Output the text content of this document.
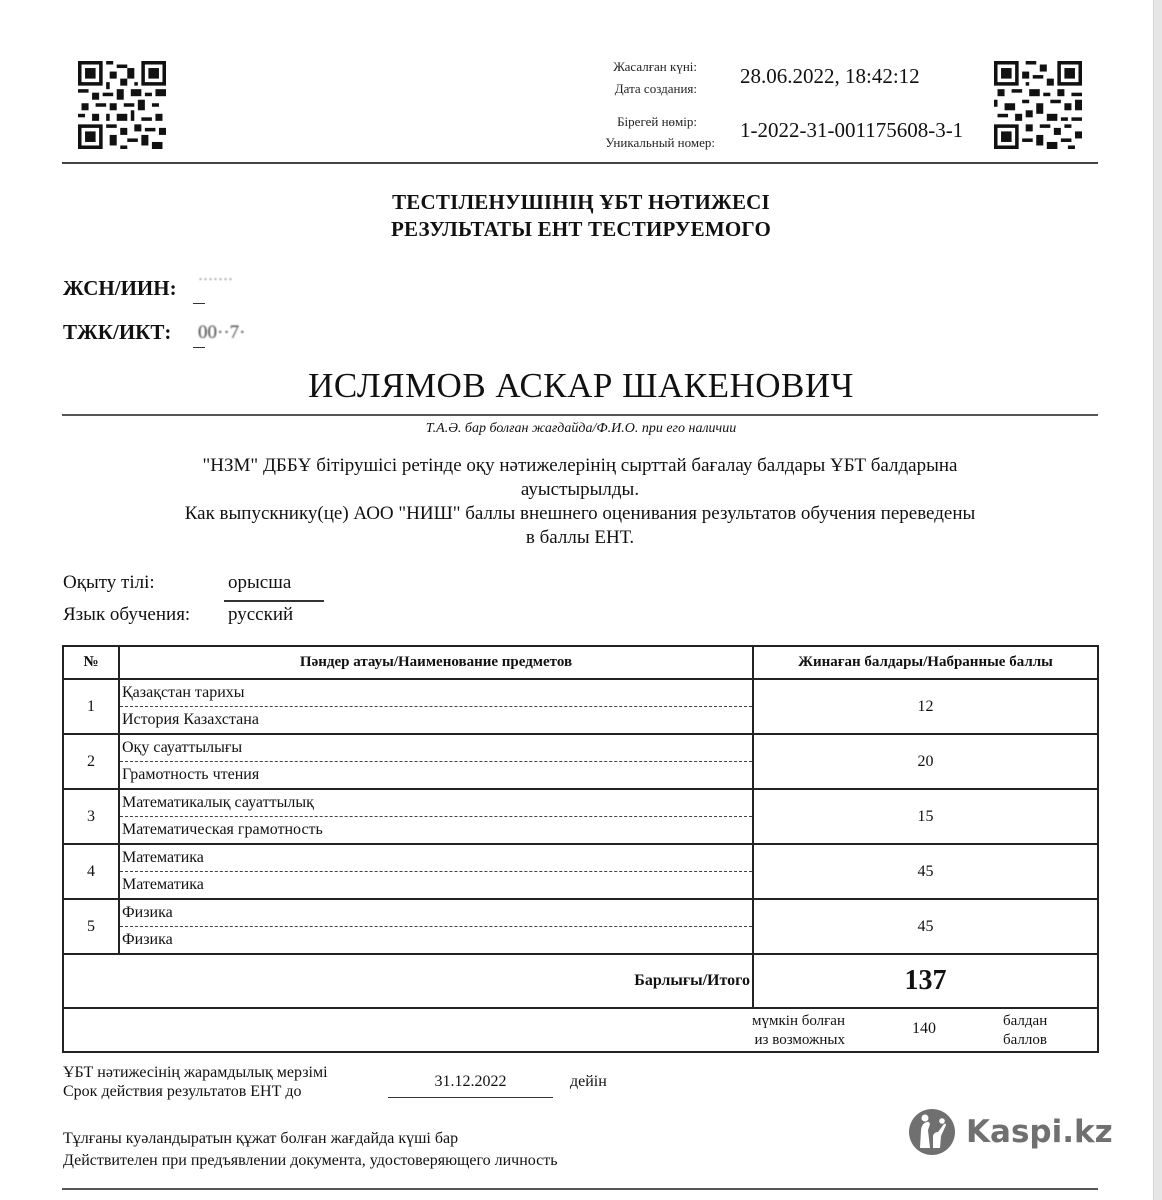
Жасалған күні:
Дата создания:
28.06.2022, 18:42:12
Бірегей нөмір:
Уникальный номер:
1-2022-31-001175608-3-1
ТЕСТІЛЕНУШІНІҢ ҰБТ НӘТИЖЕСІ
РЕЗУЛЬТАТЫ ЕНТ ТЕСТИРУЕМОГО
ЖСН/ИИН: ·······
ТЖК/ИКТ: 00··7·
ИСЛЯМОВ АСКАР ШАКЕНОВИЧ
Т.А.Ә. бар болған жағдайда/Ф.И.О. при его наличии
"НЗМ" ДББҰ бітірушісі ретінде оқу нәтижелерінің сырттай бағалау балдары ҰБТ балдарына
ауыстырылды.
Как выпускнику(це) АОО "НИШ" баллы внешнего оценивания результатов обучения переведены
в баллы ЕНТ.
Оқыту тілі:	орысша
Язык обучения: русский
№	Пәндер атауы/Наименование предметов	Жинаған балдары/Набранные баллы
1	Қазақстан тарихы
История Казахстана	12
2	Оқу сауаттылығы
Грамотность чтения	20
3	Математикалық сауаттылық
Математическая грамотность	15
4	Математика
Математика	45
5	Физика
Физика	45
Барлығы/Итого		137

мүмкін болған
из возможных
140 балдан
баллов		
ҰБТ нәтижесінің жарамдылық мерзімі
Срок действия результатов ЕНТ до
31.12.2022	дейін
Тұлғаны куәландыратын құжат болған жағдайда күші бар
Действителен при предъявлении документа, удостоверяющего личность
Kaspi.kz
